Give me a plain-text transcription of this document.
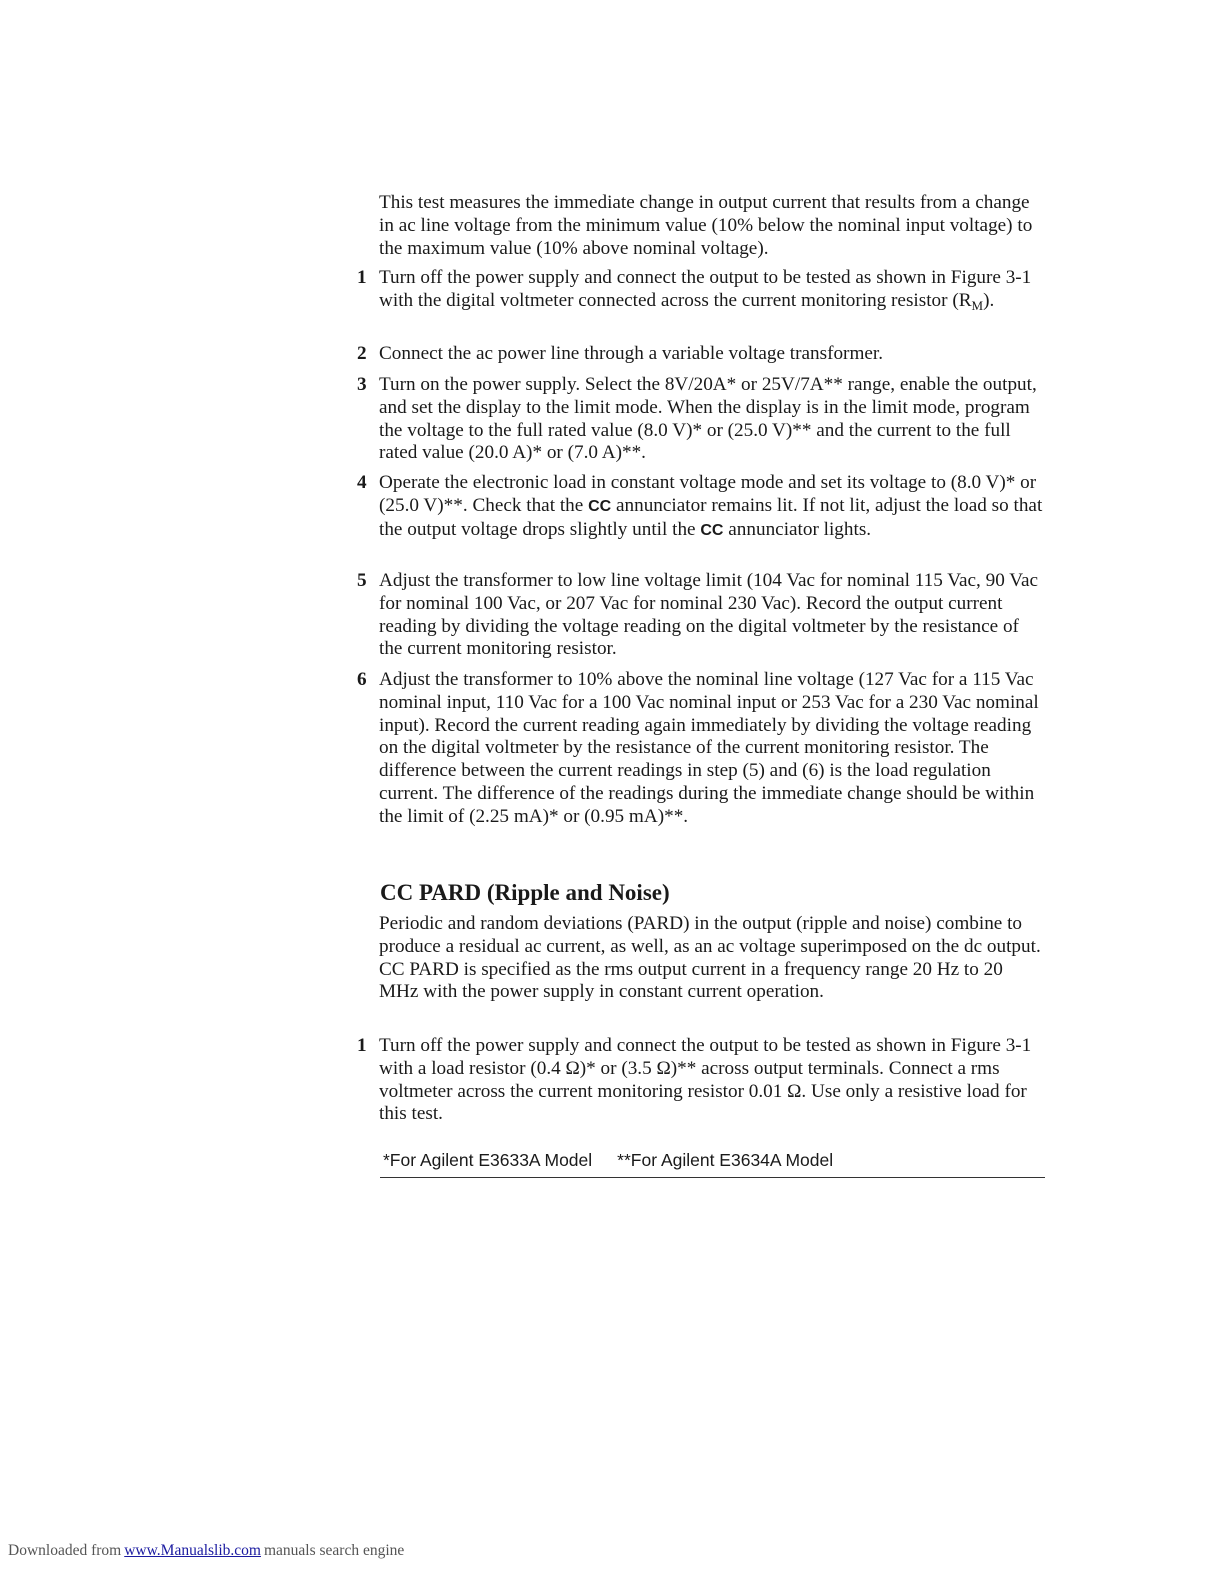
This test measures the immediate change in output current that results from a change in ac line voltage from the minimum value (10% below the nominal input voltage) to the maximum value (10% above nominal voltage).

1 Turn off the power supply and connect the output to be tested as shown in Figure 3-1 with the digital voltmeter connected across the current monitoring resistor $(R_M)$.
2 Connect the ac power line through a variable voltage transformer.
3 Turn on the power supply. Select the 8V/20A* or 25V/7A** range, enable the output, and set the display to the limit mode. When the display is in the limit mode, program the voltage to the full rated value (8.0 V)* or (25.0 V)** and the current to the full rated value (20.0 A)* or (7.0 A)**.
4 Operate the electronic load in constant voltage mode and set its voltage to (8.0 V)* or (25.0 V)**. Check that the CC annunciator remains lit. If not lit, adjust the load so that the output voltage drops slightly until the CC annunciator lights.
5 Adjust the transformer to low line voltage limit (104 Vac for nominal 115 Vac, 90 Vac for nominal 100 Vac, or 207 Vac for nominal 230 Vac). Record the output current reading by dividing the voltage reading on the digital voltmeter by the resistance of the current monitoring resistor.
6 Adjust the transformer to 10% above the nominal line voltage (127 Vac for a 115 Vac nominal input, 110 Vac for a 100 Vac nominal input or 253 Vac for a 230 Vac nominal input). Record the current reading again immediately by dividing the voltage reading on the digital voltmeter by the resistance of the current monitoring resistor. The difference between the current readings in step (5) and (6) is the load regulation current. The difference of the readings during the immediate change should be within the limit of (2.25 mA)* or (0.95 mA)**.
CC PARD (Ripple and Noise)

Periodic and random deviations (PARD) in the output (ripple and noise) combine to produce a residual ac current, as well, as an ac voltage superimposed on the dc output. CC PARD is specified as the rms output current in a frequency range 20 Hz to 20 MHz with the power supply in constant current operation.

1 Turn off the power supply and connect the output to be tested as shown in Figure 3-1 with a load resistor (0.4 Ω)* or (3.5 Ω)** across output terminals. Connect a rms voltmeter across the current monitoring resistor 0.01 Ω. Use only a resistive load for this test.
*For Agilent E3633A Model **For Agilent E3634A Model
Downloaded from www.Manualslib.com manuals search engine
